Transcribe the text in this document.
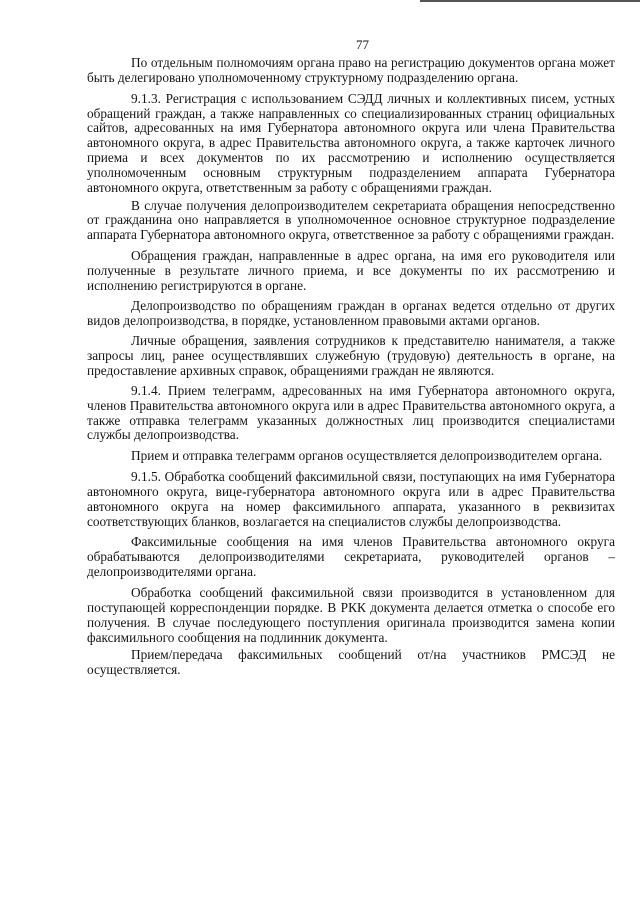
77

По отдельным полномочиям органа право на регистрацию документов органа может быть делегировано уполномоченному структурному подразделению органа.

9.1.3. Регистрация с использованием СЭДД личных и коллективных писем, устных обращений граждан, а также направленных со специализированных страниц официальных сайтов, адресованных на имя Губернатора автономного округа или члена Правительства автономного округа, в адрес Правительства автономного округа, а также карточек личного приема и всех документов по их рассмотрению и исполнению осуществляется уполномоченным основным структурным подразделением аппарата Губернатора автономного округа, ответственным за работу с обращениями граждан.

В случае получения делопроизводителем секретариата обращения непосредственно от гражданина оно направляется в уполномоченное основное структурное подразделение аппарата Губернатора автономного округа, ответственное за работу с обращениями граждан.

Обращения граждан, направленные в адрес органа, на имя его руководителя или полученные в результате личного приема, и все документы по их рассмотрению и исполнению регистрируются в органе.

Делопроизводство по обращениям граждан в органах ведется отдельно от других видов делопроизводства, в порядке, установленном правовыми актами органов.

Личные обращения, заявления сотрудников к представителю нанимателя, а также запросы лиц, ранее осуществлявших служебную (трудовую) деятельность в органе, на предоставление архивных справок, обращениями граждан не являются.

9.1.4. Прием телеграмм, адресованных на имя Губернатора автономного округа, членов Правительства автономного округа или в адрес Правительства автономного округа, а также отправка телеграмм указанных должностных лиц производится специалистами службы делопроизводства.

Прием и отправка телеграмм органов осуществляется делопроизводителем органа.

9.1.5. Обработка сообщений факсимильной связи, поступающих на имя Губернатора автономного округа, вице-губернатора автономного округа или в адрес Правительства автономного округа на номер факсимильного аппарата, указанного в реквизитах соответствующих бланков, возлагается на специалистов службы делопроизводства.

Факсимильные сообщения на имя членов Правительства автономного округа обрабатываются делопроизводителями секретариата, руководителей органов – делопроизводителями органа.

Обработка сообщений факсимильной связи производится в установленном для поступающей корреспонденции порядке. В РКК документа делается отметка о способе его получения. В случае последующего поступления оригинала производится замена копии факсимильного сообщения на подлинник документа.

Прием/передача факсимильных сообщений от/на участников РМСЭД не осуществляется.
